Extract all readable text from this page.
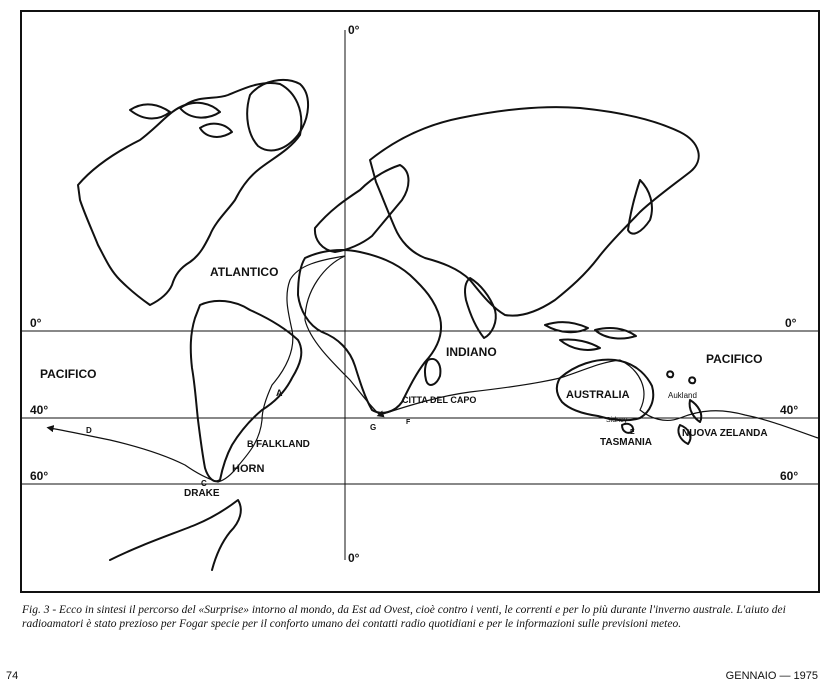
0°	0°
40°	40°
60°	60°
0°
0°
ATLANTICO
INDIANO
PACIFICO
PACIFICO
AUSTRALIA
TASMANIA
NUOVA ZELANDA
FALKLAND
HORN
DRAKE
CITTA DEL CAPO	Aukland
Sidney
A
B
C
D	E
F
G
Fig. 3 - Ecco in sintesi il percorso del «Surprise» intorno al mondo, da Est ad Ovest, cioè contro i venti, le correnti e per lo più durante l'inverno australe. L'aiuto dei radioamatori è stato prezioso per Fogar specie per il conforto umano dei contatti radio quotidiani e per le informazioni sulle previsioni meteo.
74	GENNAIO — 1975
